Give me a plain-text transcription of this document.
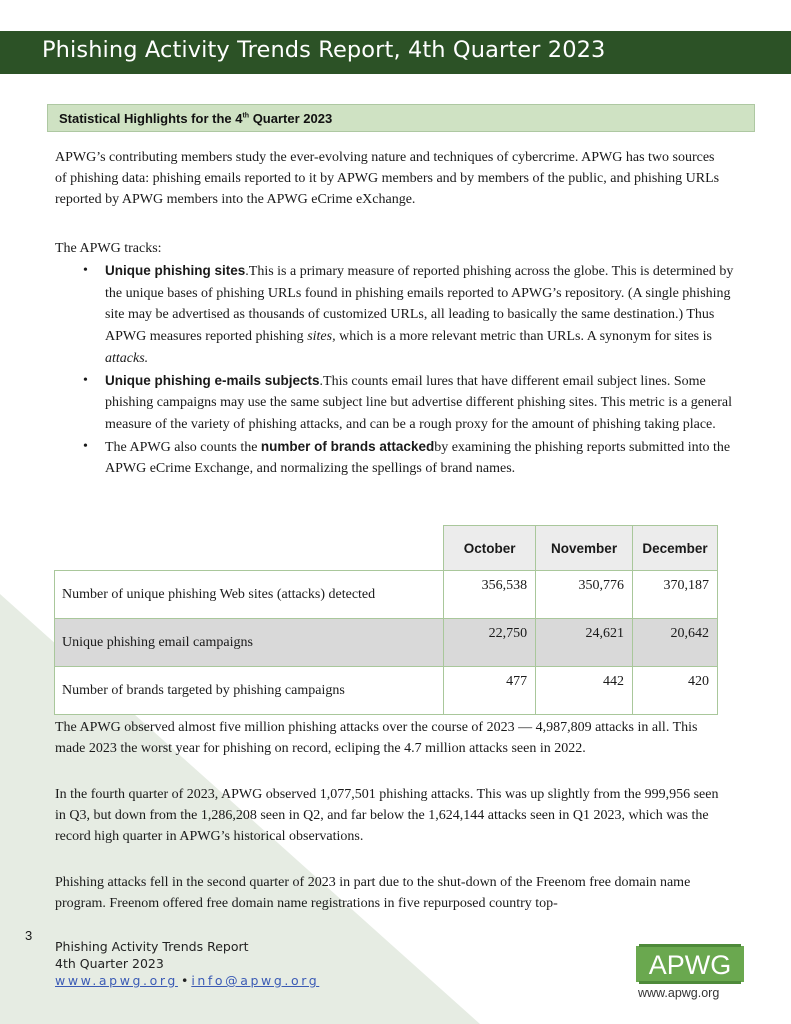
Phishing Activity Trends Report, 4th Quarter 2023
Statistical Highlights for the 4th Quarter 2023

APWG’s contributing members study the ever-evolving nature and techniques of cybercrime. APWG has two sources of phishing data: phishing emails reported to it by APWG members and by members of the public, and phishing URLs reported by APWG members into the APWG eCrime eXchange.

The APWG tracks:
• Unique phishing sites.This is a primary measure of reported phishing across the globe. This is determined by the unique bases of phishing URLs found in phishing emails reported to APWG’s repository. (A single phishing site may be advertised as thousands of customized URLs, all leading to basically the same destination.) Thus APWG measures reported phishing sites, which is a more relevant metric than URLs. A synonym for sites is attacks.
• Unique phishing e-mails subjects.This counts email lures that have different email subject lines. Some phishing campaigns may use the same subject line but advertise different phishing sites. This metric is a general measure of the variety of phishing attacks, and can be a rough proxy for the amount of phishing taking place.
• The APWG also counts the number of brands attackedby examining the phishing reports submitted into the APWG eCrime Exchange, and normalizing the spellings of brand names.
	October	November	December
Number of unique phishing Web sites (attacks) detected	356,538	350,776	370,187
Unique phishing email campaigns	22,750	24,621	20,642
Number of brands targeted by phishing campaigns	477	442	420

The APWG observed almost five million phishing attacks over the course of 2023 — 4,987,809 attacks in all. This made 2023 the worst year for phishing on record, ecliping the 4.7 million attacks seen in 2022.

In the fourth quarter of 2023, APWG observed 1,077,501 phishing attacks. This was up slightly from the 999,956 seen in Q3, but down from the 1,286,208 seen in Q2, and far below the 1,624,144 attacks seen in Q1 2023, which was the record high quarter in APWG’s historical observations.

Phishing attacks fell in the second quarter of 2023 in part due to the shut-down of the Freenom free domain name program. Freenom offered free domain name registrations in five repurposed country top-

3
Phishing Activity Trends Report
4th Quarter 2023
www.apwg.org • info@apwg.org
APWG
www.apwg.org
